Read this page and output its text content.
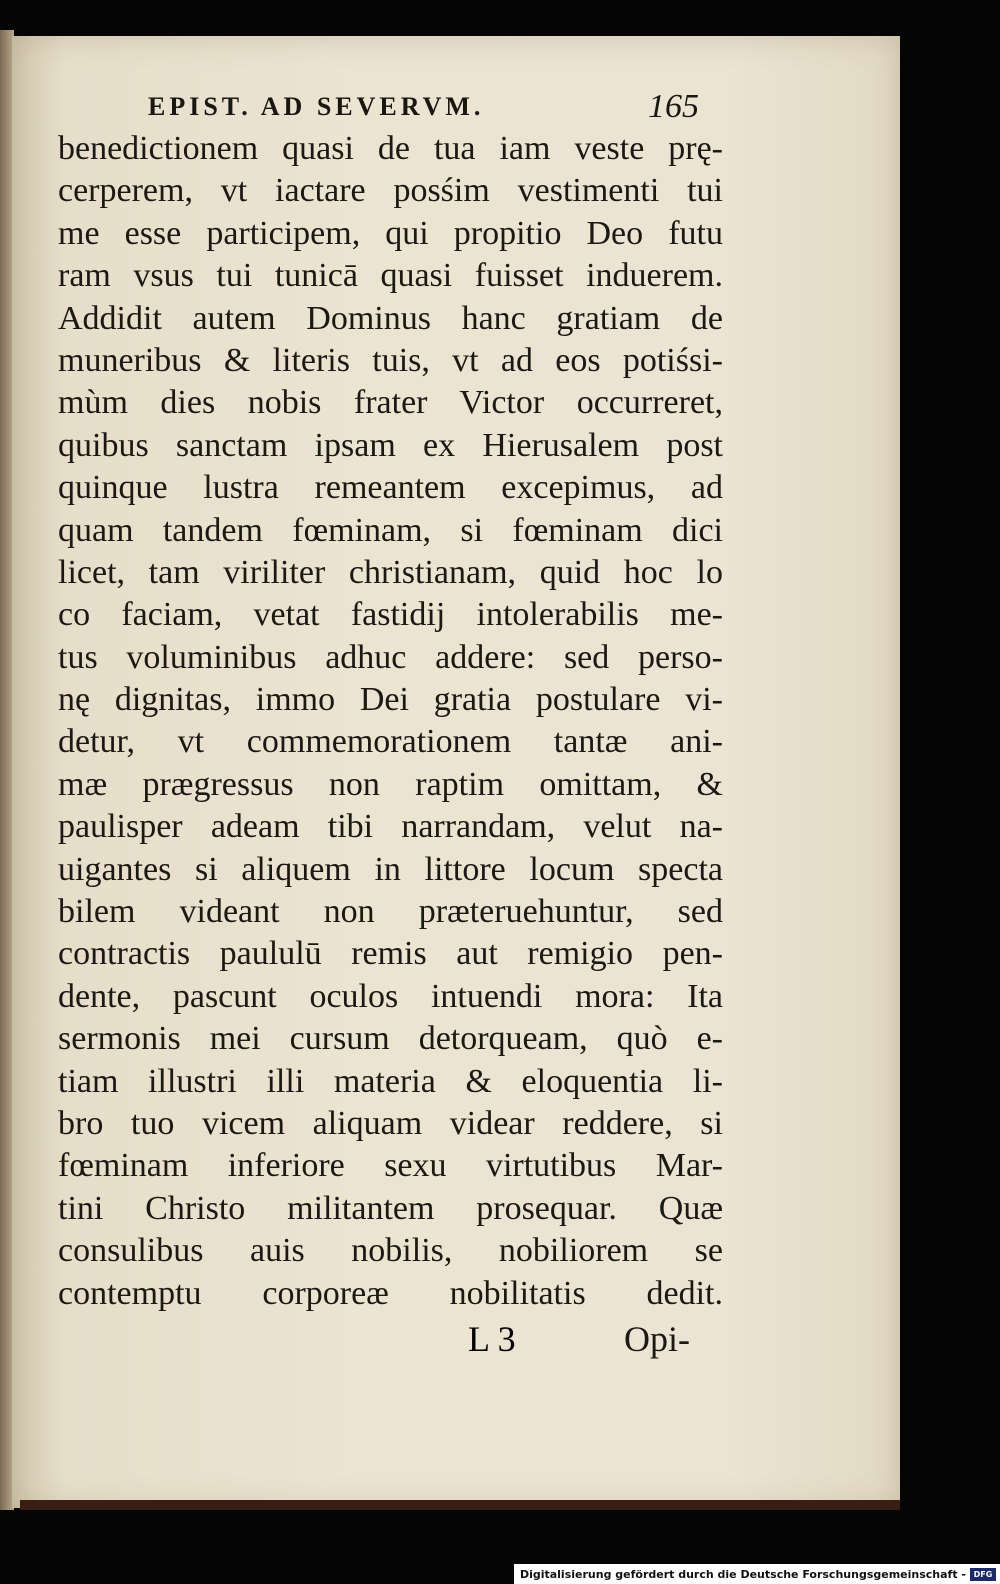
EPIST. AD SEVERVM.	165
benedictionem quasi de tua iam veste prę-
cerperem, vt iactare posśim vestimenti tui
me esse participem, qui propitio Deo futu
ram vsus tui tunicā quasi fuisset induerem.
Addidit autem Dominus hanc gratiam de
muneribus & literis tuis, vt ad eos potiśsi-
mùm dies nobis frater Victor occurreret,
quibus sanctam ipsam ex Hierusalem post
quinque lustra remeantem excepimus, ad
quam tandem fœminam, si fœminam dici
licet, tam viriliter christianam, quid hoc lo
co faciam, vetat fastidij intolerabilis me-
tus voluminibus adhuc addere: sed perso-
nę dignitas, immo Dei gratia postulare vi-
detur, vt commemorationem tantæ ani-
mæ prægressus non raptim omittam, &
paulisper adeam tibi narrandam, velut na-
uigantes si aliquem in littore locum specta
bilem videant non præteruehuntur, sed
contractis paululū remis aut remigio pen-
dente, pascunt oculos intuendi mora: Ita
sermonis mei cursum detorqueam, quò e-
tiam illustri illi materia & eloquentia li-
bro tuo vicem aliquam videar reddere, si
fœminam inferiore sexu virtutibus Mar-
tini Christo militantem prosequar. Quæ
consulibus auis nobilis, nobiliorem se
contemptu corporeæ nobilitatis dedit.
L 3	Opi-
Digitalisierung gefördert durch die Deutsche Forschungsgemeinschaft - DFG
